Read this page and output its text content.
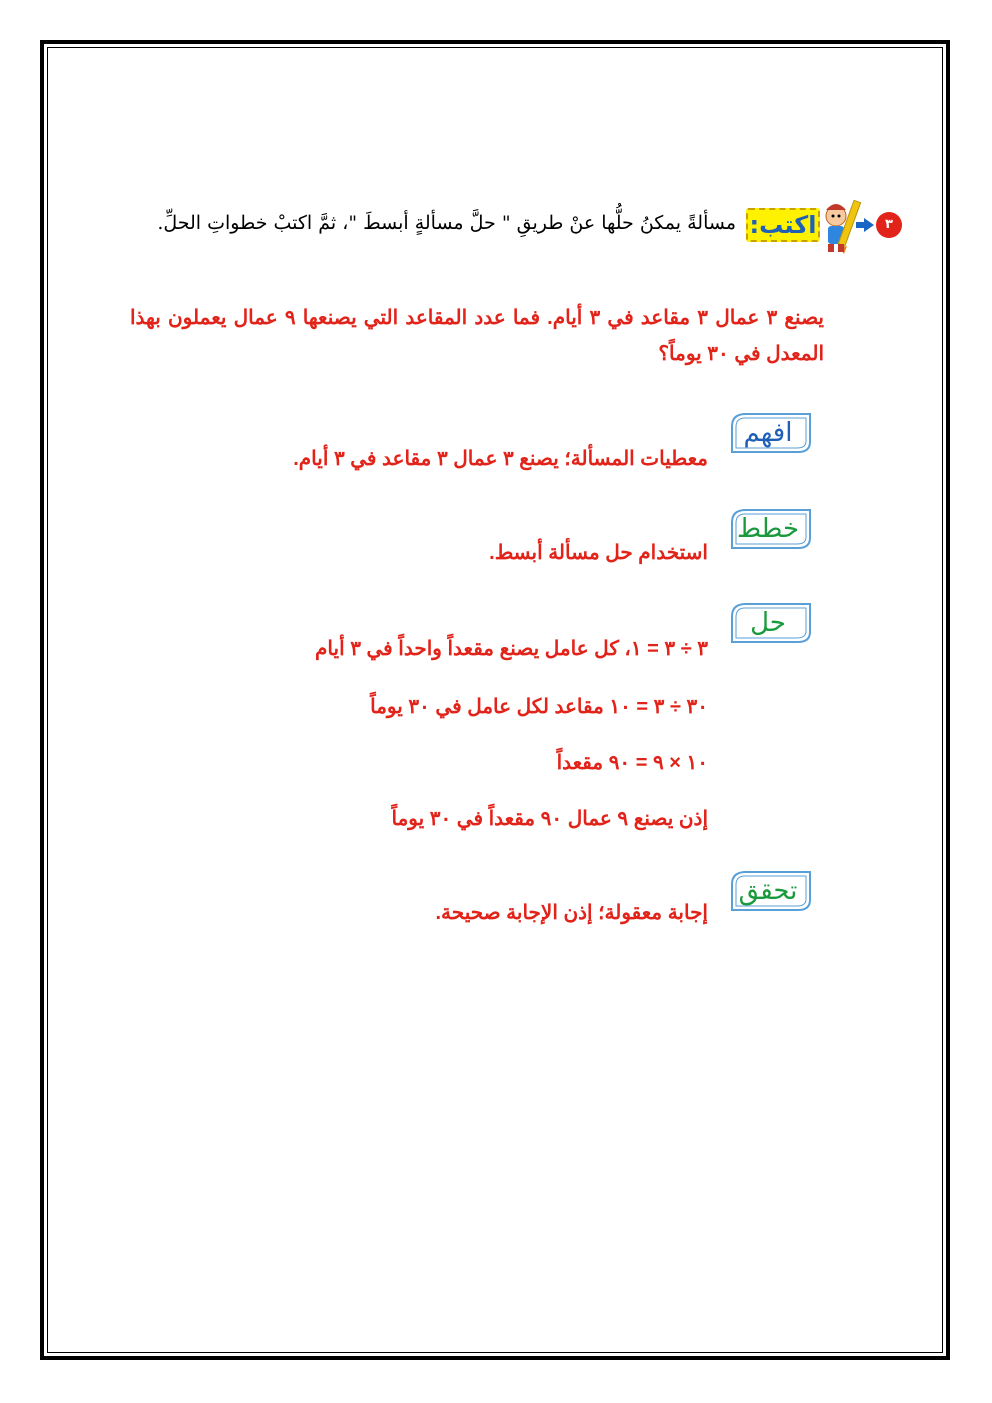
٣
اكتب:
مسألةً يمكنُ حلُّها عنْ طريقِ " حلَّ مسألةٍ أبسطَ "، ثمَّ اكتبْ خطواتِ الحلِّ.
يصنع ٣ عمال ٣ مقاعد في ٣ أيام. فما عدد المقاعد التي يصنعها ٩ عمال يعملون بهذا المعدل في ٣٠ يوماً؟
افهم
معطيات المسألة؛ يصنع ٣ عمال ٣ مقاعد في ٣ أيام.
خطط
استخدام حل مسألة أبسط.
حل
٣ ÷ ٣ = ١، كل عامل يصنع مقعداً واحداً في ٣ أيام
٣٠ ÷ ٣ = ١٠ مقاعد لكل عامل في ٣٠ يوماً
١٠ × ٩ = ٩٠ مقعداً
إذن يصنع ٩ عمال ٩٠ مقعداً في ٣٠ يوماً
تحقق
إجابة معقولة؛ إذن الإجابة صحيحة.
